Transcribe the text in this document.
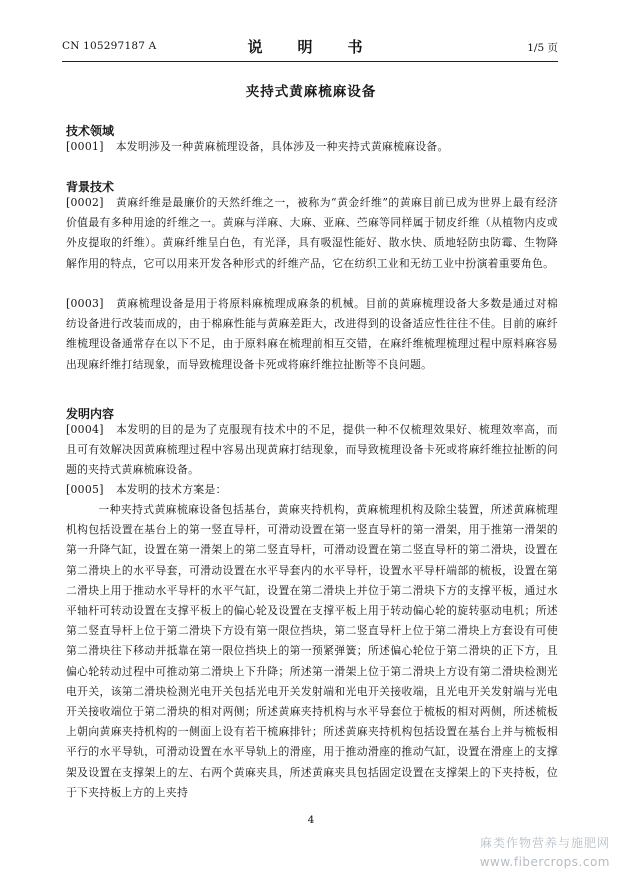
CN 105297187 A	说　明　书	1/5 页
夹持式黄麻梳麻设备
技术领域

[0001] 本发明涉及一种黄麻梳理设备，具体涉及一种夹持式黄麻梳麻设备。

背景技术

[0002] 黄麻纤维是最廉价的天然纤维之一，被称为“黄金纤维”的黄麻目前已成为世界上最有经济价值最有多种用途的纤维之一。黄麻与洋麻、大麻、亚麻、苎麻等同样属于韧皮纤维（从植物内皮或外皮提取的纤维）。黄麻纤维呈白色，有光泽，具有吸湿性能好、散水快、质地轻防虫防霉、生物降解作用的特点，它可以用来开发各种形式的纤维产品，它在纺织工业和无纺工业中扮演着重要角色。

[0003] 黄麻梳理设备是用于将原料麻梳理成麻条的机械。目前的黄麻梳理设备大多数是通过对棉纺设备进行改装而成的，由于棉麻性能与黄麻差距大，改进得到的设备适应性往往不佳。目前的麻纤维梳理设备通常存在以下不足，由于原料麻在梳理前相互交错，在麻纤维梳理梳理过程中原料麻容易出现麻纤维打结现象，而导致梳理设备卡死或将麻纤维拉扯断等不良问题。

发明内容

[0004] 本发明的目的是为了克服现有技术中的不足，提供一种不仅梳理效果好、梳理效率高，而且可有效解决因黄麻梳理过程中容易出现黄麻打结现象，而导致梳理设备卡死或将麻纤维拉扯断的问题的夹持式黄麻梳麻设备。

[0005] 本发明的技术方案是：

一种夹持式黄麻梳麻设备包括基台，黄麻夹持机构，黄麻梳理机构及除尘装置，所述黄麻梳理机构包括设置在基台上的第一竖直导杆，可滑动设置在第一竖直导杆的第一滑架，用于推第一滑架的第一升降气缸，设置在第一滑架上的第二竖直导杆，可滑动设置在第二竖直导杆的第二滑块，设置在第二滑块上的水平导套，可滑动设置在水平导套内的水平导杆，设置水平导杆端部的梳板，设置在第二滑块上用于推动水平导杆的水平气缸，设置在第二滑块上并位于第二滑块下方的支撑平板，通过水平轴杆可转动设置在支撑平板上的偏心轮及设置在支撑平板上用于转动偏心轮的旋转驱动电机；所述第二竖直导杆上位于第二滑块下方设有第一限位挡块，第二竖直导杆上位于第二滑块上方套设有可使第二滑块往下移动并抵靠在第一限位挡块上的第一预紧弹簧；所述偏心轮位于第二滑块的正下方，且偏心轮转动过程中可推动第二滑块上下升降；所述第一滑架上位于第二滑块上方设有第二滑块检测光电开关，该第二滑块检测光电开关包括光电开关发射端和光电开关接收端，且光电开关发射端与光电开关接收端位于第二滑块的相对两侧；所述黄麻夹持机构与水平导套位于梳板的相对两侧，所述梳板上朝向黄麻夹持机构的一侧面上设有若干梳麻排针；所述黄麻夹持机构包括设置在基台上并与梳板相平行的水平导轨，可滑动设置在水平导轨上的滑座，用于推动滑座的推动气缸，设置在滑座上的支撑架及设置在支撑架上的左、右两个黄麻夹具，所述黄麻夹具包括固定设置在支撑架上的下夹持板，位于下夹持板上方的上夹持

4
麻类作物营养与施肥网
www.fibercrops.com
